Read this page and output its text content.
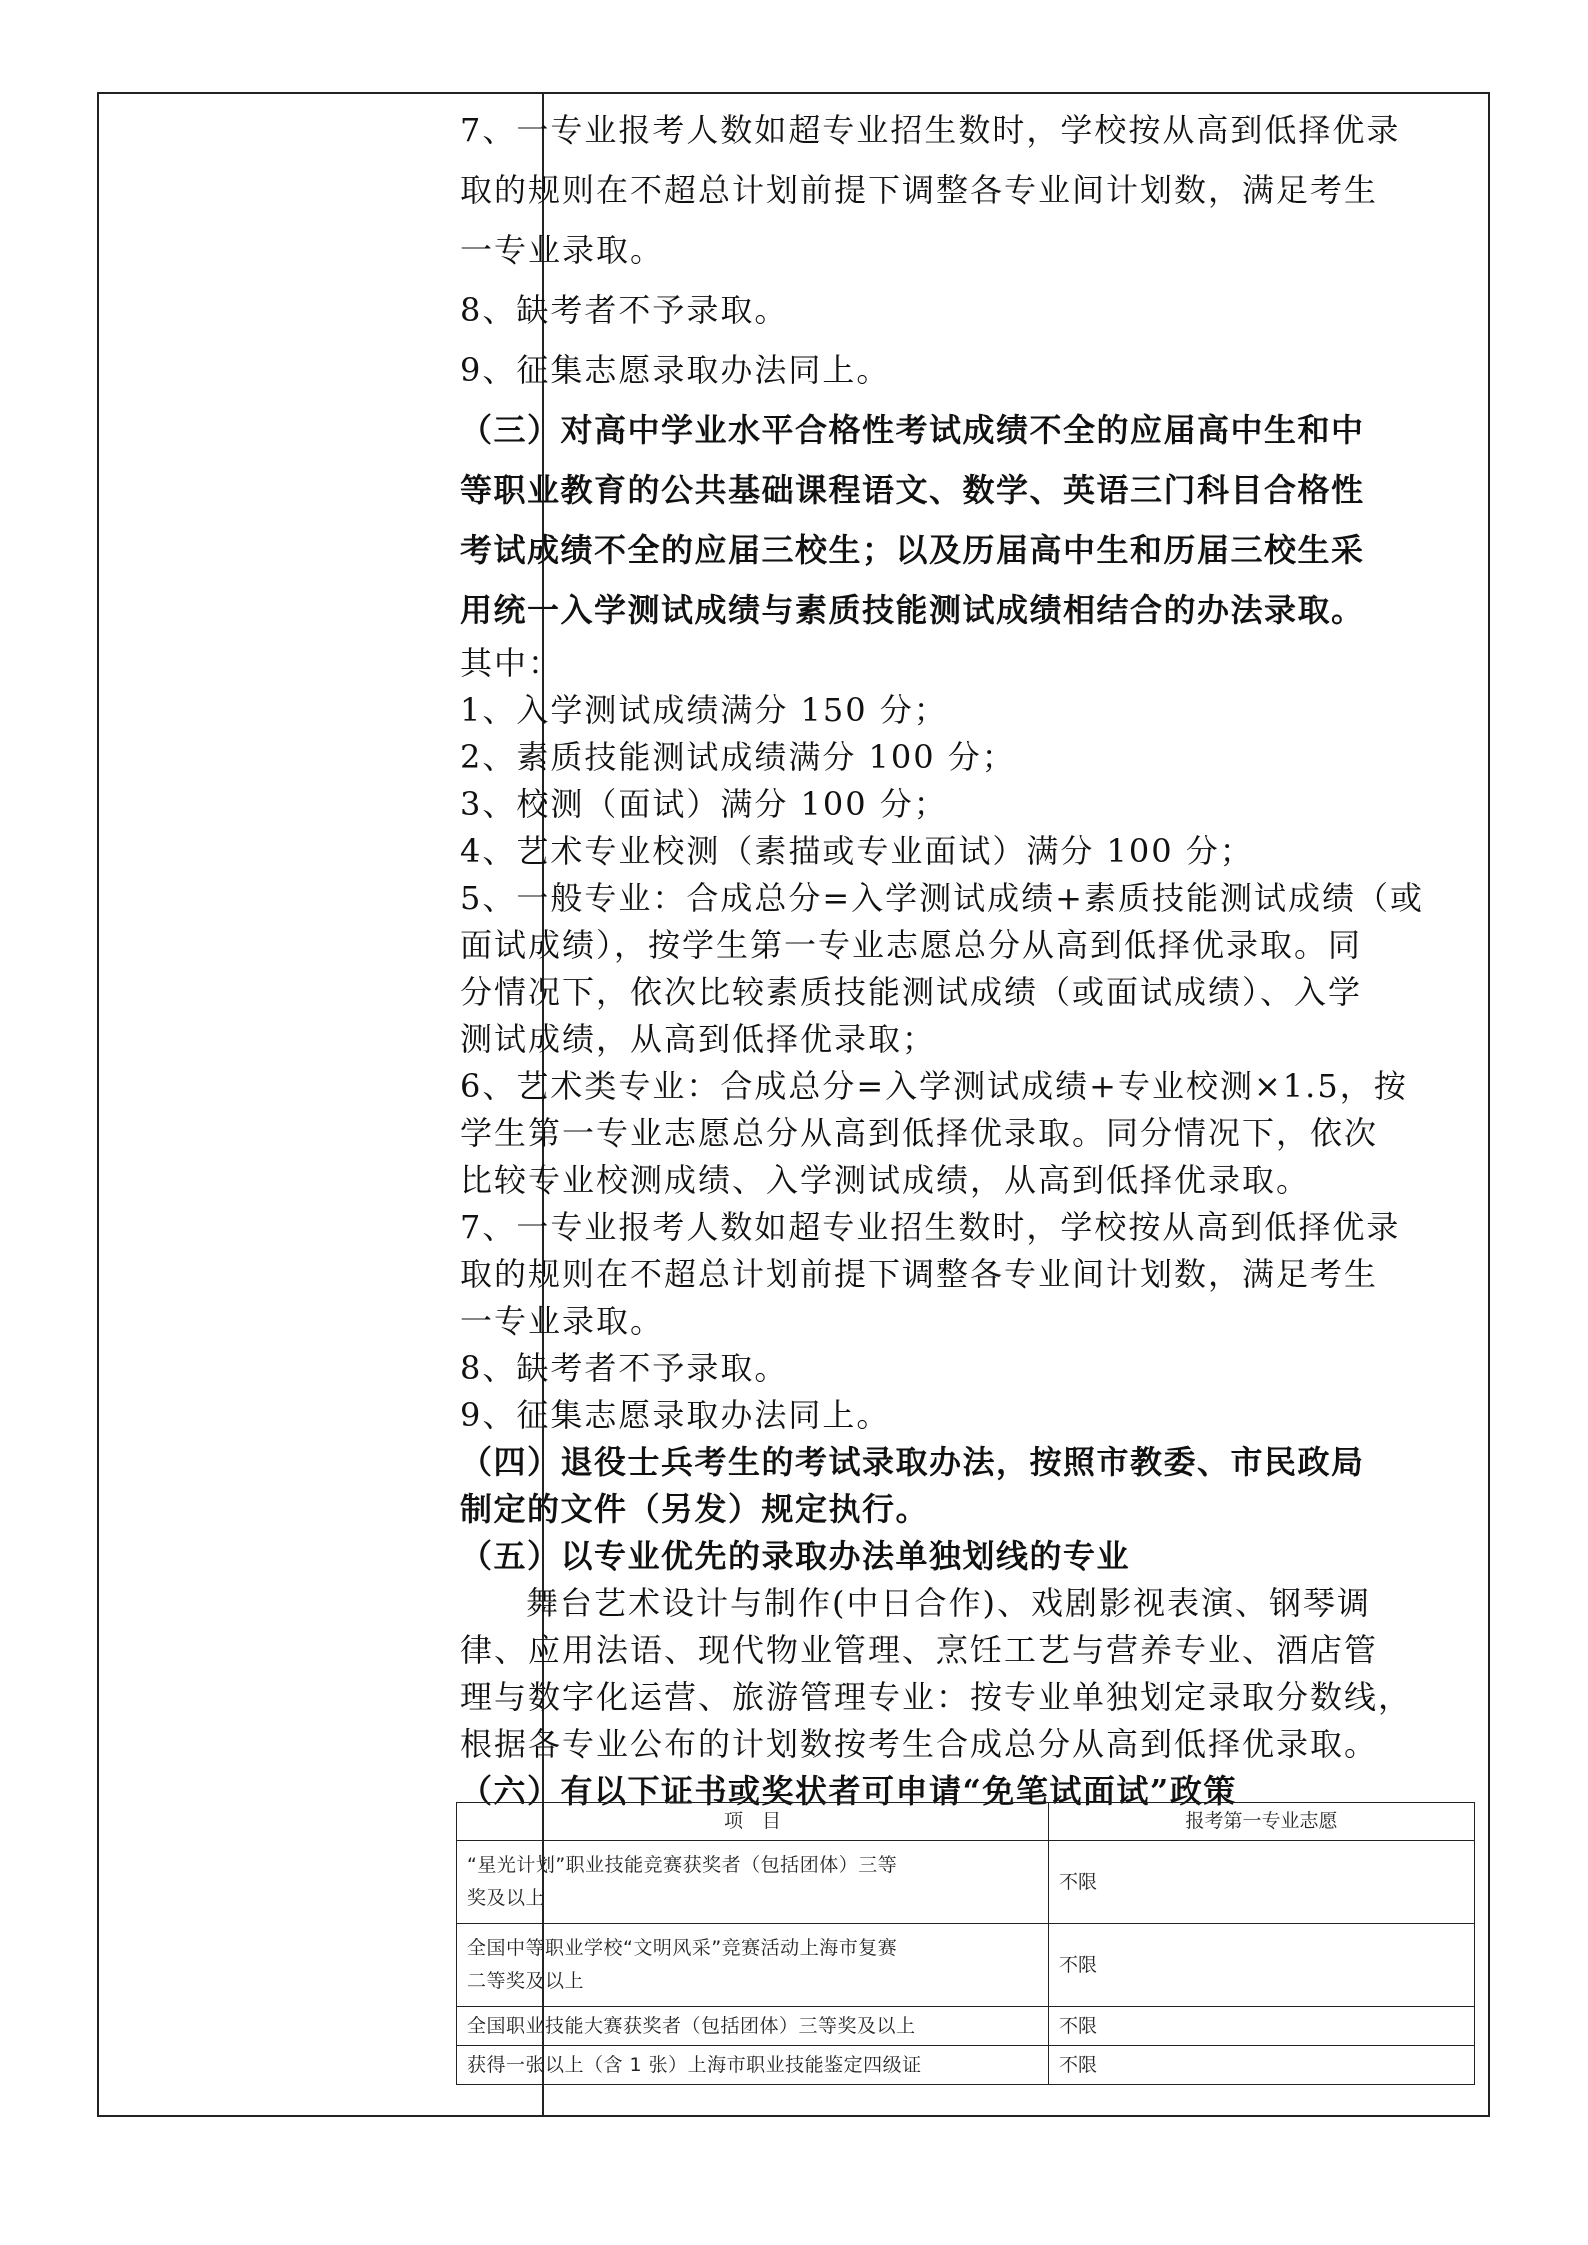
7、一专业报考人数如超专业招生数时，学校按从高到低择优录
取的规则在不超总计划前提下调整各专业间计划数，满足考生
一专业录取。
8、缺考者不予录取。
9、征集志愿录取办法同上。
（三）对高中学业水平合格性考试成绩不全的应届高中生和中
等职业教育的公共基础课程语文、数学、英语三门科目合格性
考试成绩不全的应届三校生；以及历届高中生和历届三校生采
用统一入学测试成绩与素质技能测试成绩相结合的办法录取。
其中：
1、入学测试成绩满分 150 分；
2、素质技能测试成绩满分 100 分；
3、校测（面试）满分 100 分；
4、艺术专业校测（素描或专业面试）满分 100 分；
5、一般专业：合成总分=入学测试成绩+素质技能测试成绩（或
面试成绩），按学生第一专业志愿总分从高到低择优录取。同
分情况下，依次比较素质技能测试成绩（或面试成绩）、入学
测试成绩，从高到低择优录取；
6、艺术类专业：合成总分=入学测试成绩+专业校测×1.5，按
学生第一专业志愿总分从高到低择优录取。同分情况下，依次
比较专业校测成绩、入学测试成绩，从高到低择优录取。
7、一专业报考人数如超专业招生数时，学校按从高到低择优录
取的规则在不超总计划前提下调整各专业间计划数，满足考生
一专业录取。
8、缺考者不予录取。
9、征集志愿录取办法同上。
（四）退役士兵考生的考试录取办法，按照市教委、市民政局
制定的文件（另发）规定执行。
（五）以专业优先的录取办法单独划线的专业
舞台艺术设计与制作(中日合作)、戏剧影视表演、钢琴调
律、应用法语、现代物业管理、烹饪工艺与营养专业、酒店管
理与数字化运营、旅游管理专业：按专业单独划定录取分数线，
根据各专业公布的计划数按考生合成总分从高到低择优录取。
（六）有以下证书或奖状者可申请“免笔试面试”政策
项　目	报考第一专业志愿

“星光计划”职业技能竞赛获奖者（包括团体）三等
奖及以上	不限

全国中等职业学校“文明风采”竞赛活动上海市复赛
二等奖及以上	不限
全国职业技能大赛获奖者（包括团体）三等奖及以上	不限
获得一张以上（含 1 张）上海市职业技能鉴定四级证	不限
